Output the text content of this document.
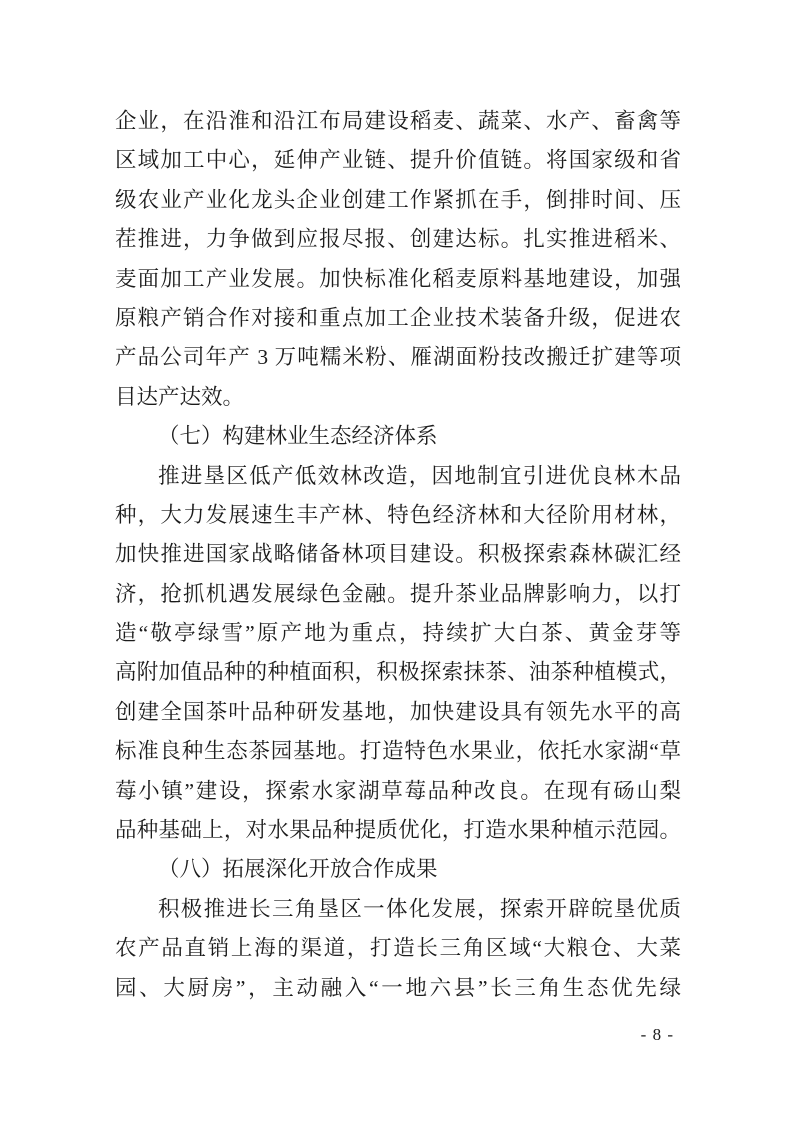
企业，在沿淮和沿江布局建设稻麦、蔬菜、水产、畜禽等
区域加工中心，延伸产业链、提升价值链。将国家级和省
级农业产业化龙头企业创建工作紧抓在手，倒排时间、压
茬推进，力争做到应报尽报、创建达标。扎实推进稻米、
麦面加工产业发展。加快标准化稻麦原料基地建设，加强
原粮产销合作对接和重点加工企业技术装备升级，促进农
产品公司年产 3 万吨糯米粉、雁湖面粉技改搬迁扩建等项
目达产达效。
（七）构建林业生态经济体系
推进垦区低产低效林改造，因地制宜引进优良林木品
种，大力发展速生丰产林、特色经济林和大径阶用材林，
加快推进国家战略储备林项目建设。积极探索森林碳汇经
济，抢抓机遇发展绿色金融。提升茶业品牌影响力，以打
造“敬亭绿雪”原产地为重点，持续扩大白茶、黄金芽等
高附加值品种的种植面积，积极探索抹茶、油茶种植模式，
创建全国茶叶品种研发基地，加快建设具有领先水平的高
标准良种生态茶园基地。打造特色水果业，依托水家湖“草
莓小镇”建设，探索水家湖草莓品种改良。在现有砀山梨
品种基础上，对水果品种提质优化，打造水果种植示范园。
（八）拓展深化开放合作成果
积极推进长三角垦区一体化发展，探索开辟皖垦优质
农产品直销上海的渠道，打造长三角区域“大粮仓、大菜
园、大厨房”，主动融入“一地六县”长三角生态优先绿
- 8 -
